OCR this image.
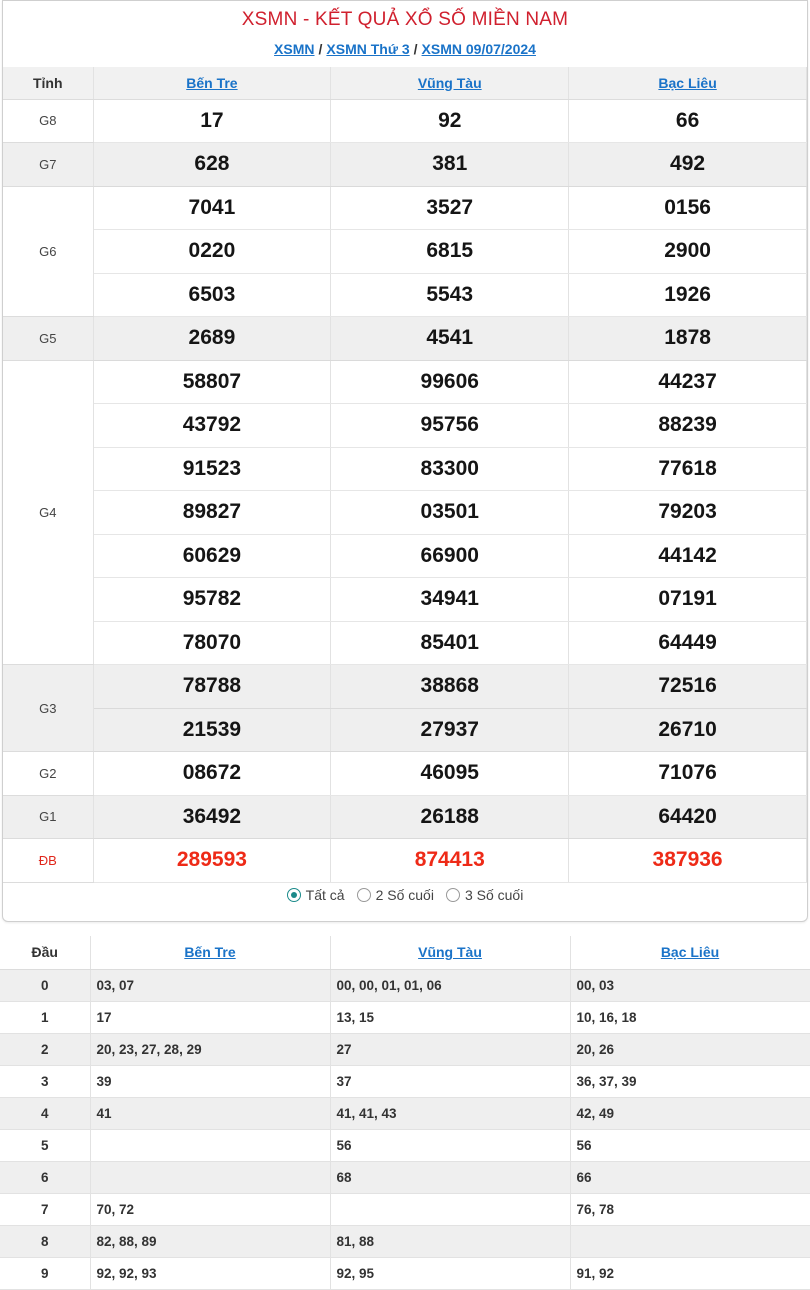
XSMN - KẾT QUẢ XỔ SỐ MIỀN NAM
XSMN / XSMN Thứ 3 / XSMN 09/07/2024
Tỉnh	Bến Tre	Vũng Tàu	Bạc Liêu
G8	17	92	66
G7	628	381	492
G6	7041	3527	0156
	0220	6815	2900
	6503	5543	1926
G5	2689	4541	1878
G4	58807	99606	44237
	43792	95756	88239
	91523	83300	77618
	89827	03501	79203
	60629	66900	44142
	95782	34941	07191
	78070	85401	64449
G3	78788	38868	72516
	21539	27937	26710
G2	08672	46095	71076
G1	36492	26188	64420
ĐB	289593	874413	387936
Tất cả 2 Số cuối 3 Số cuối
Đầu	Bến Tre	Vũng Tàu	Bạc Liêu
0	03, 07	00, 00, 01, 01, 06	00, 03
1	17	13, 15	10, 16, 18
2	20, 23, 27, 28, 29	27	20, 26
3	39	37	36, 37, 39
4	41	41, 41, 43	42, 49
5		56	56
6		68	66
7	70, 72		76, 78
8	82, 88, 89	81, 88	
9	92, 92, 93	92, 95	91, 92
